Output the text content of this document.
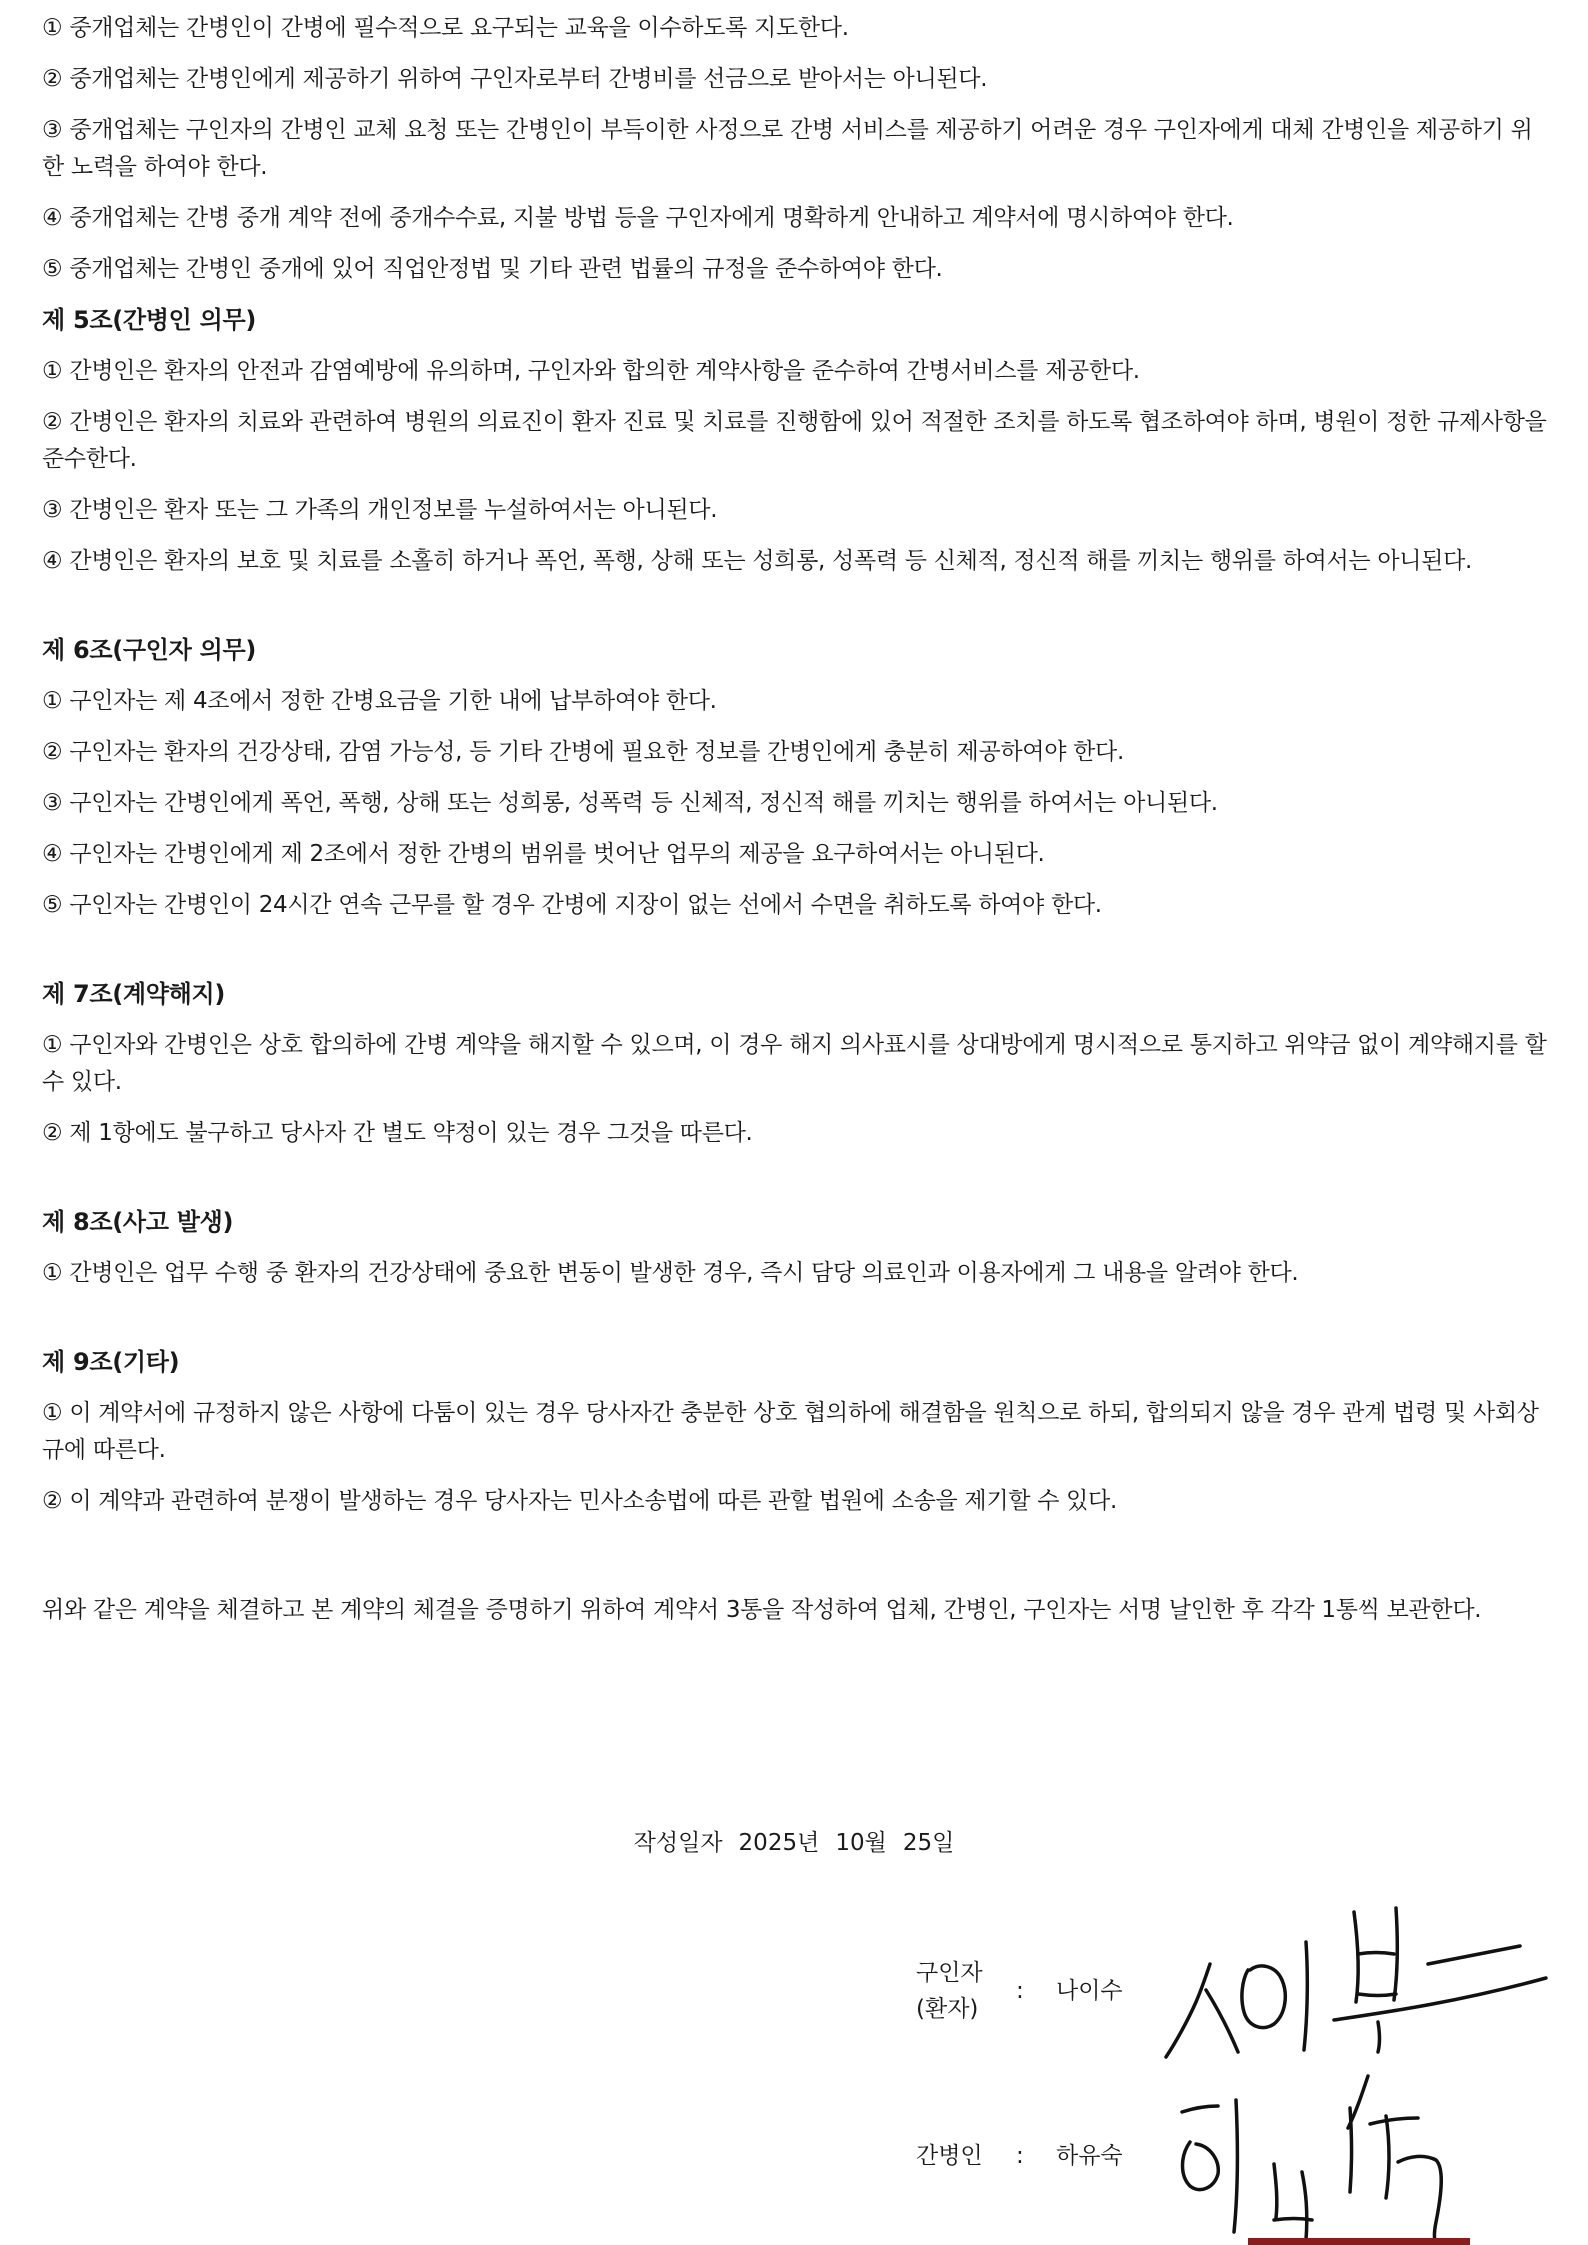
① 중개업체는 간병인이 간병에 필수적으로 요구되는 교육을 이수하도록 지도한다.

② 중개업체는 간병인에게 제공하기 위하여 구인자로부터 간병비를 선금으로 받아서는 아니된다.

③ 중개업체는 구인자의 간병인 교체 요청 또는 간병인이 부득이한 사정으로 간병 서비스를 제공하기 어려운 경우 구인자에게 대체 간병인을 제공하기 위한 노력을 하여야 한다.

④ 중개업체는 간병 중개 계약 전에 중개수수료, 지불 방법 등을 구인자에게 명확하게 안내하고 계약서에 명시하여야 한다.

⑤ 중개업체는 간병인 중개에 있어 직업안정법 및 기타 관련 법률의 규정을 준수하여야 한다.

제 5조(간병인 의무)

① 간병인은 환자의 안전과 감염예방에 유의하며, 구인자와 합의한 계약사항을 준수하여 간병서비스를 제공한다.

② 간병인은 환자의 치료와 관련하여 병원의 의료진이 환자 진료 및 치료를 진행함에 있어 적절한 조치를 하도록 협조하여야 하며, 병원이 정한 규제사항을 준수한다.

③ 간병인은 환자 또는 그 가족의 개인정보를 누설하여서는 아니된다.

④ 간병인은 환자의 보호 및 치료를 소홀히 하거나 폭언, 폭행, 상해 또는 성희롱, 성폭력 등 신체적, 정신적 해를 끼치는 행위를 하여서는 아니된다.

제 6조(구인자 의무)

① 구인자는 제 4조에서 정한 간병요금을 기한 내에 납부하여야 한다.

② 구인자는 환자의 건강상태, 감염 가능성, 등 기타 간병에 필요한 정보를 간병인에게 충분히 제공하여야 한다.

③ 구인자는 간병인에게 폭언, 폭행, 상해 또는 성희롱, 성폭력 등 신체적, 정신적 해를 끼치는 행위를 하여서는 아니된다.

④ 구인자는 간병인에게 제 2조에서 정한 간병의 범위를 벗어난 업무의 제공을 요구하여서는 아니된다.

⑤ 구인자는 간병인이 24시간 연속 근무를 할 경우 간병에 지장이 없는 선에서 수면을 취하도록 하여야 한다.

제 7조(계약해지)

① 구인자와 간병인은 상호 합의하에 간병 계약을 해지할 수 있으며, 이 경우 해지 의사표시를 상대방에게 명시적으로 통지하고 위약금 없이 계약해지를 할 수 있다.

② 제 1항에도 불구하고 당사자 간 별도 약정이 있는 경우 그것을 따른다.

제 8조(사고 발생)

① 간병인은 업무 수행 중 환자의 건강상태에 중요한 변동이 발생한 경우, 즉시 담당 의료인과 이용자에게 그 내용을 알려야 한다.

제 9조(기타)

① 이 계약서에 규정하지 않은 사항에 다툼이 있는 경우 당사자간 충분한 상호 협의하에 해결함을 원칙으로 하되, 합의되지 않을 경우 관계 법령 및 사회상규에 따른다.

② 이 계약과 관련하여 분쟁이 발생하는 경우 당사자는 민사소송법에 따른 관할 법원에 소송을 제기할 수 있다.

위와 같은 계약을 체결하고 본 계약의 체결을 증명하기 위하여 계약서 3통을 작성하여 업체, 간병인, 구인자는 서명 날인한 후 각각 1통씩 보관한다.

작성일자 2025년 10월 25일
구인자
(환자)
: 나이수
간병인	: 하유숙
